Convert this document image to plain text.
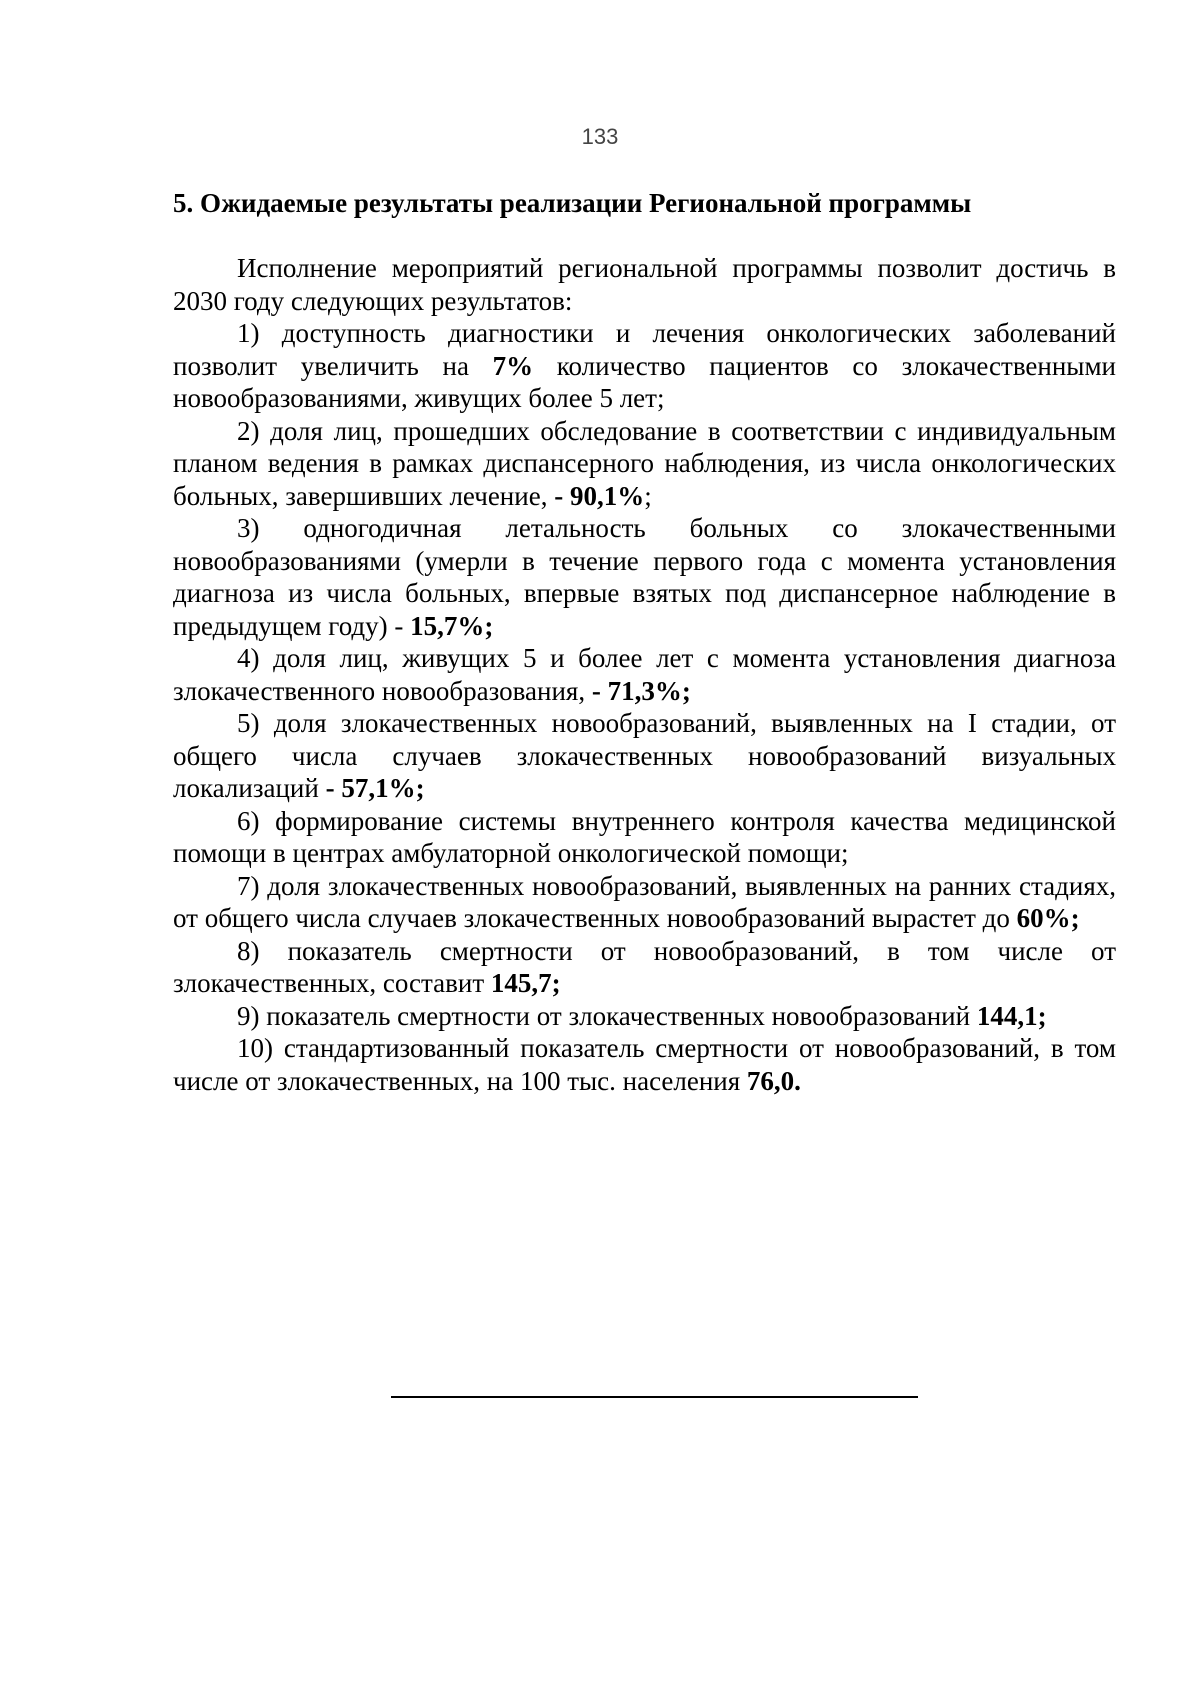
133
5. Ожидаемые результаты реализации Региональной программы

Исполнение мероприятий региональной программы позволит достичь в 2030 году следующих результатов:

1) доступность диагностики и лечения онкологических заболеваний позволит увеличить на 7% количество пациентов со злокачественными новообразованиями, живущих более 5 лет;

2) доля лиц, прошедших обследование в соответствии с индивидуальным планом ведения в рамках диспансерного наблюдения, из числа онкологических больных, завершивших лечение, - 90,1%;

3) одногодичная летальность больных со злокачественными новообразованиями (умерли в течение первого года с момента установления диагноза из числа больных, впервые взятых под диспансерное наблюдение в предыдущем году) - 15,7%;

4) доля лиц, живущих 5 и более лет с момента установления диагноза злокачественного новообразования, - 71,3%;

5) доля злокачественных новообразований, выявленных на I стадии, от общего числа случаев злокачественных новообразований визуальных локализаций - 57,1%;

6) формирование системы внутреннего контроля качества медицинской помощи в центрах амбулаторной онкологической помощи;

7) доля злокачественных новообразований, выявленных на ранних стадиях, от общего числа случаев злокачественных новообразований вырастет до 60%;

8) показатель смертности от новообразований, в том числе от злокачественных, составит 145,7;

9) показатель смертности от злокачественных новообразований 144,1;

10) стандартизованный показатель смертности от новообразований, в том числе от злокачественных, на 100 тыс. населения 76,0.
